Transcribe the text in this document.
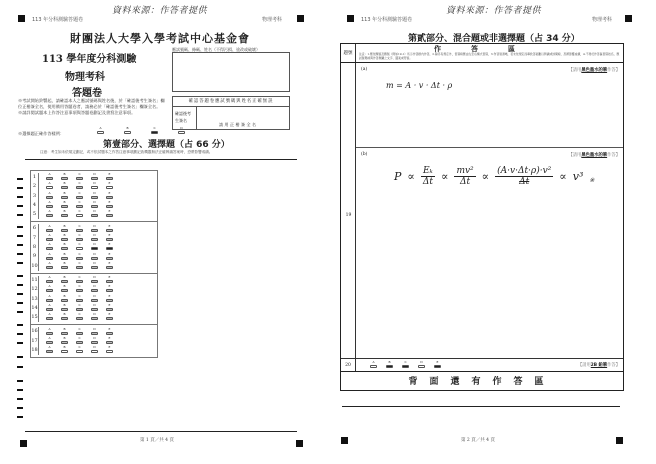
資料來源：作答者提供
113 年分科測驗答題卷	物理考科
財團法人大學入學考試中心基金會
113 學年度分科測驗
物理考科
答題卷
※考試開始鈴響起，請確認本人之應試號碼與姓名後，於「確認後考生簽名」欄位正楷簽全名，使用備用答題卷者，請務必於「確認後考生簽名」欄簽全名。
※請詳閱試題本上作答注意事項與答題卷劃記及書寫注意事項。
※選擇題正確作答樣例：
A	B	C	D
應試號碼、條碼、姓名（不得污損、塗改或破壞）
確認答題卷應試號碼與姓名正確無誤
確認後考生簽名
請用正楷簽全名
第壹部分、選擇題（占 66 分）
注意：考生如未依規定劃記，或不依試題本之作答注意事項劃記致機器無法正確辨識答案時，恐將影響成績。
1	A	B	C	D	E
2	A	B	C	D	E
3	A	B	C	D	E
4	A	B	C	D	E
5	A	B	C	D	E
6	A	B	C	D	E
7	A	B	C	D	E
8	A	B	C	D	E
9	A	B	C	D	E
10	A	B	C	D	E
11	A	B	C	D	E
12	A	B	C	D	E
13	A	B	C	D	E
14	A	B	C	D	E
15	A	B	C	D	E
16	A	B	C	D	E
17	A	B	C	D	E
18	A	B	C	D	E
第 1 頁／共 4 頁
資料來源：作答者提供
113 年分科測驗答題卷	物理考科
第貳部分、混合題或非選擇題（占 34 分）
題號
作答區
注意：1.應依題號及題號（例如19-1）所示作答框內作答，2.除另有規定外，書寫時應由左至右橫式書寫，3.作答須清晰，若未依規定而導致答案難以辨識或評閱時，恐將影響成績，4.不得於作答區書寫姓名、應試號碼或與作答無關之文字、圖案或符號。
19
(a)	【請用黑色墨水的筆作答】
m = A · v · Δt · ρ
(b)	【請用黑色墨水的筆作答】
$P \propto \frac{\text{Eₖ}}{\Delta t} \propto \frac{\text{mv²}}{\Delta t} \propto \frac{\text{(A·v·Δt·ρ)·v²}}{\Delta t} \propto v^3$ ※
20
A	B	C	D	E
【請用2B 鉛筆作答】
背面還有作答區
第 2 頁／共 4 頁
